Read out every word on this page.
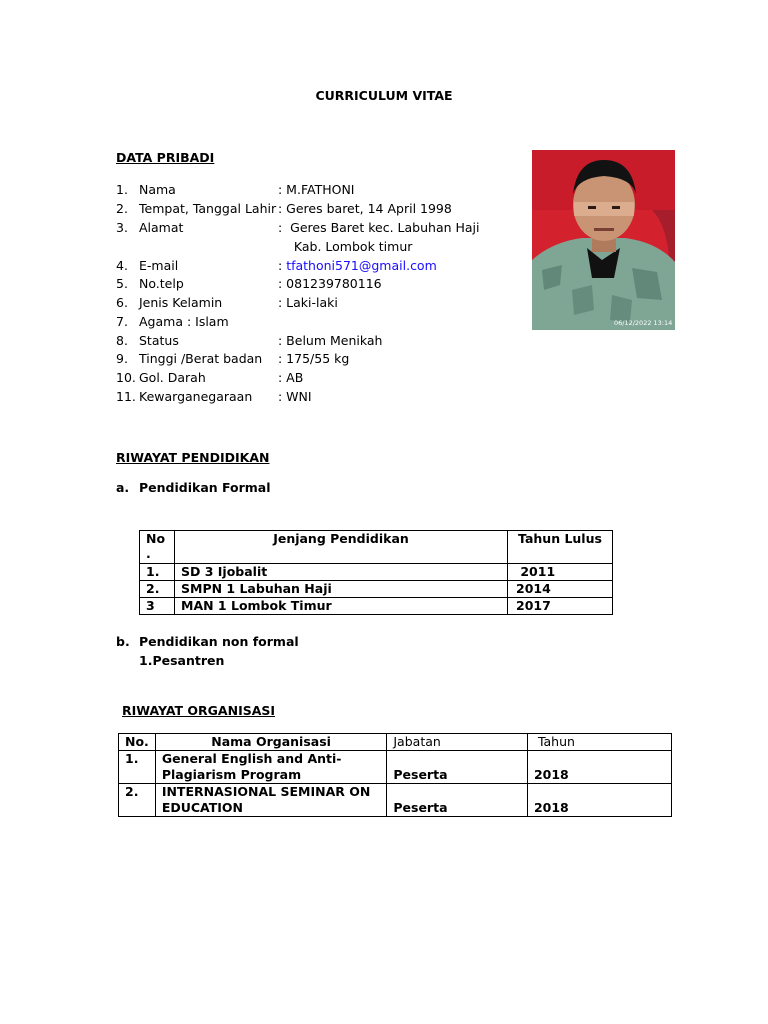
CURRICULUM VITAE
DATA PRIBADI
1. Nama	: M.FATHONI
2. Tempat, Tanggal Lahir : Geres baret, 14 April 1998
3. Alamat	:  Geres Baret kec. Labuhan Haji
Kab. Lombok timur
4. E-mail	: tfathoni571@gmail.com
5. No.telp	: 081239780116
6. Jenis Kelamin	: Laki-laki
7. Agama : Islam
8. Status	: Belum Menikah
9. Tinggi /Berat badan : 175/55 kg
10. Gol. Darah	: AB
11. Kewarganegaraan : WNI
06/12/2022 13:14
RIWAYAT PENDIDIKAN
a. Pendidikan Formal
No
.	Jenjang Pendidikan	Tahun Lulus
1.	SD 3 Ijobalit	2011
2.	SMPN 1 Labuhan Haji	2014
3	MAN 1 Lombok Timur	2017
b. Pendidikan non formal
1.Pesantren
RIWAYAT ORGANISASI
No.	Nama Organisasi	Jabatan	Tahun
1.	General English and Anti- Plagiarism Program	Peserta	2018
2.	INTERNASIONAL SEMINAR ON EDUCATION	Peserta	2018
